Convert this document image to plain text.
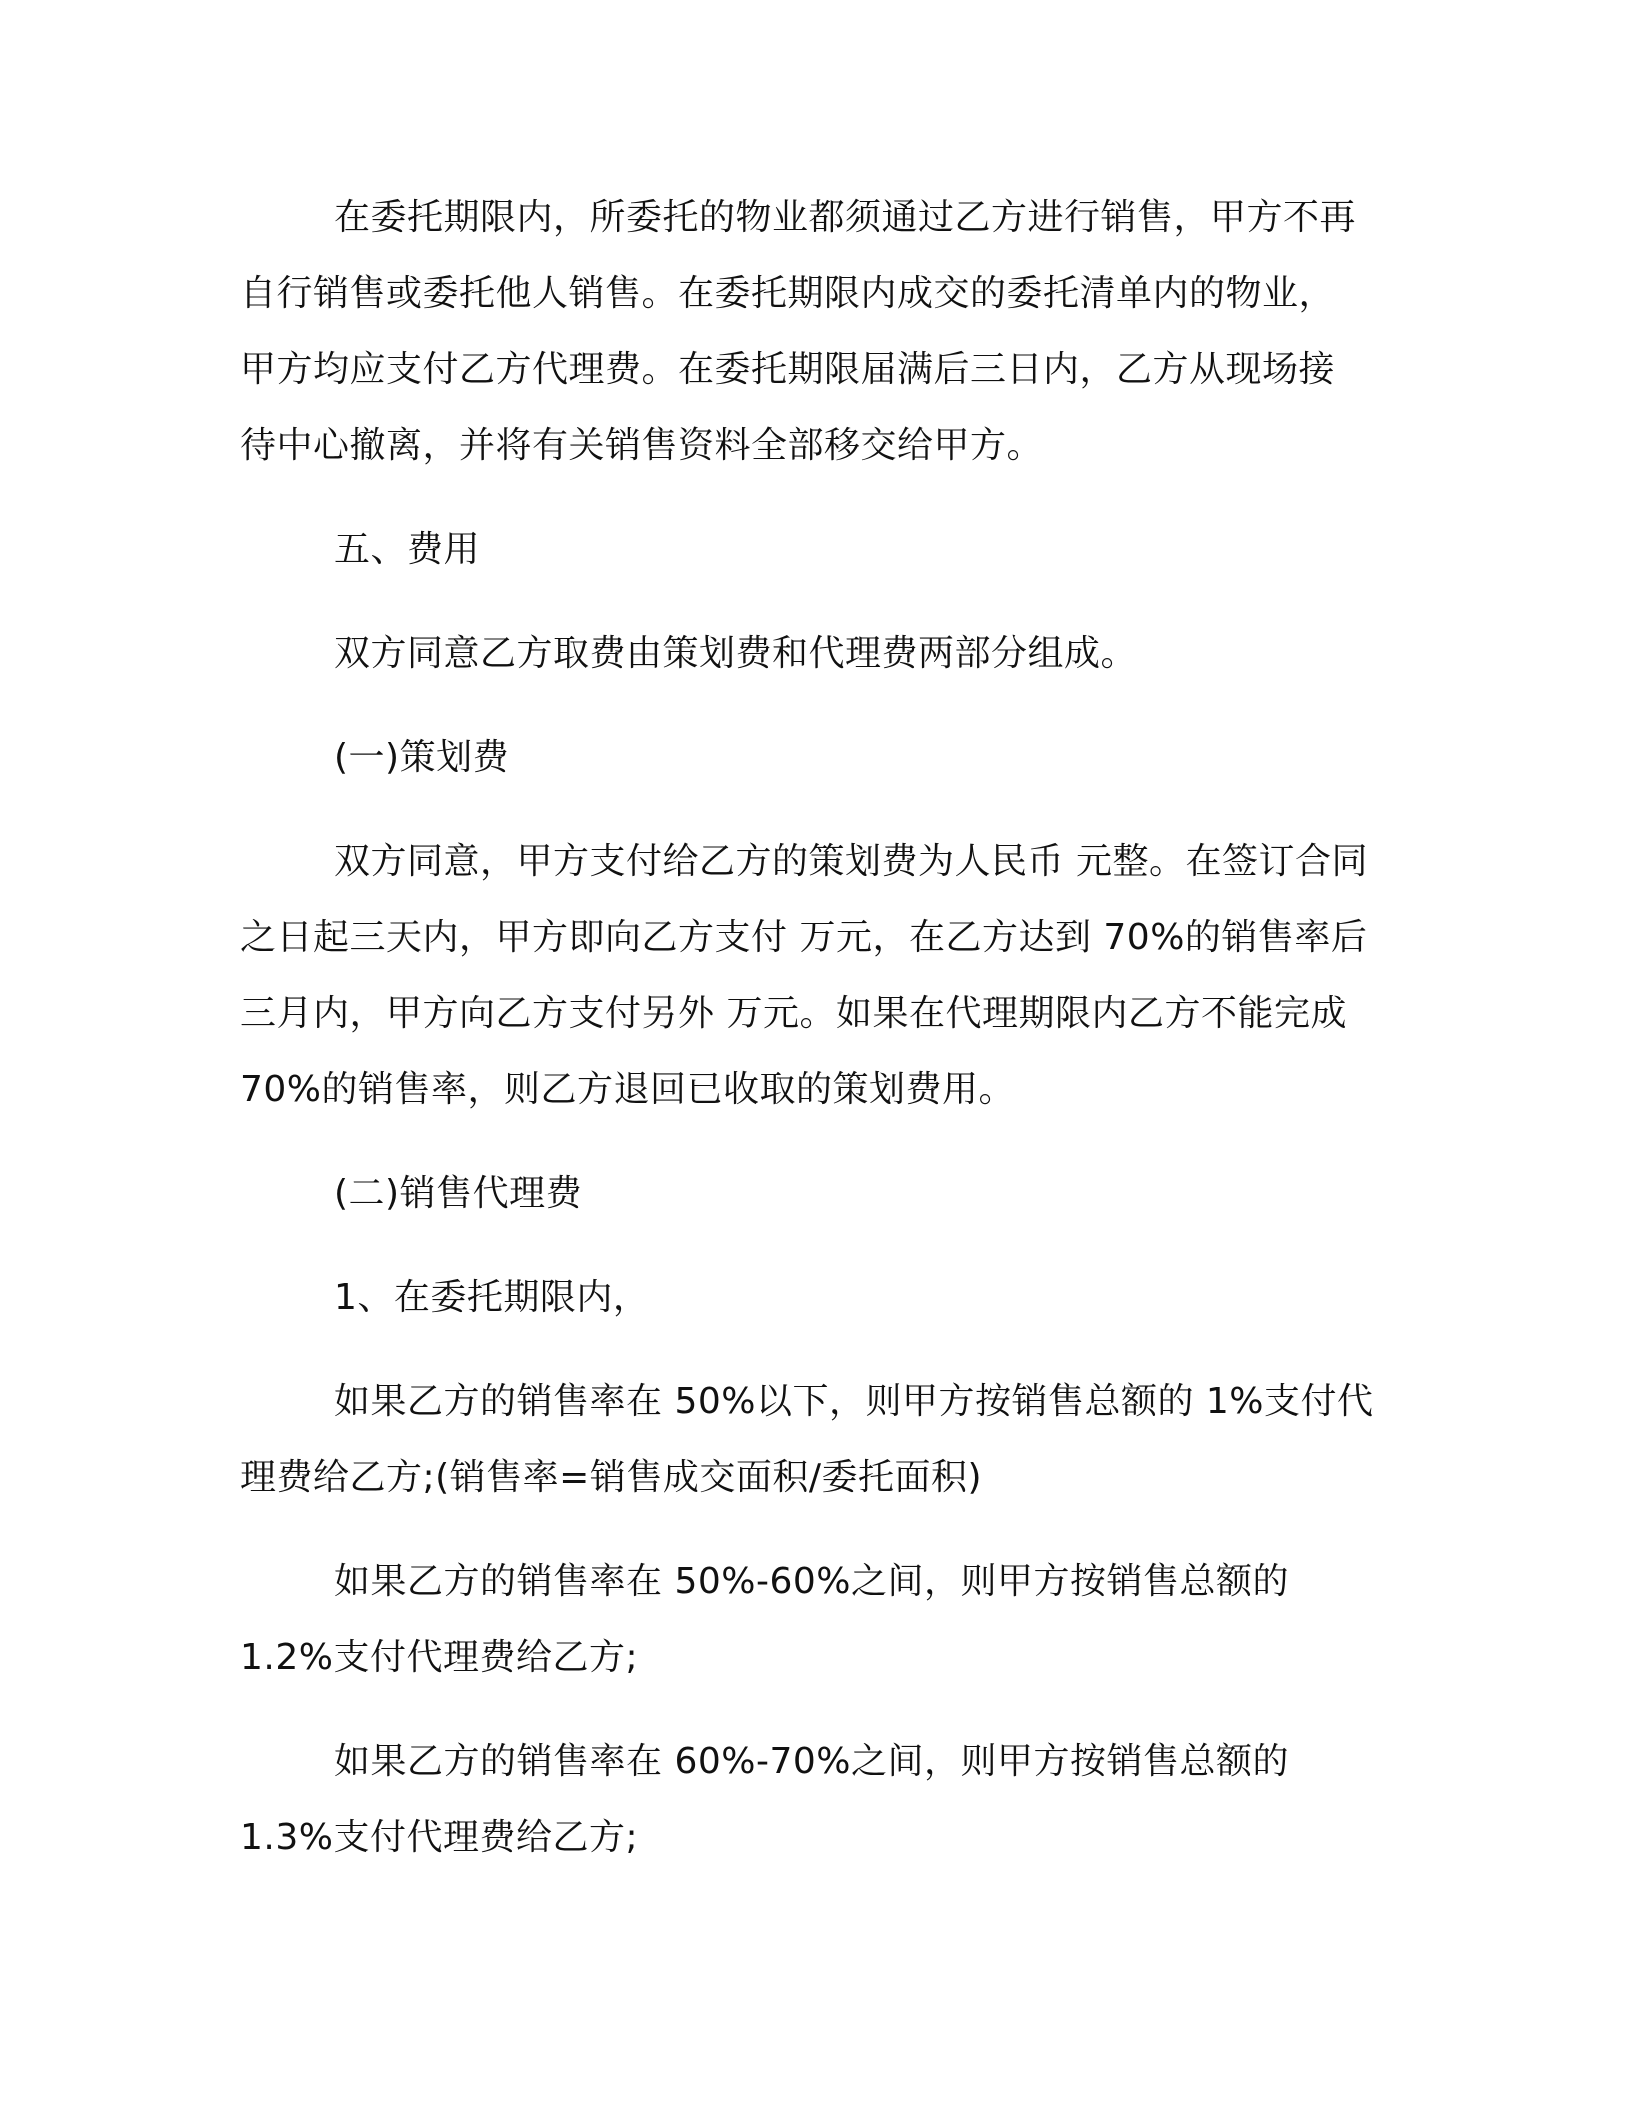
在委托期限内，所委托的物业都须通过乙方进行销售，甲方不再
自行销售或委托他人销售。在委托期限内成交的委托清单内的物业，
甲方均应支付乙方代理费。在委托期限届满后三日内，乙方从现场接
待中心撤离，并将有关销售资料全部移交给甲方。
五、费用
双方同意乙方取费由策划费和代理费两部分组成。
(一)策划费
双方同意，甲方支付给乙方的策划费为人民币 元整。在签订合同
之日起三天内，甲方即向乙方支付 万元，在乙方达到 70%的销售率后
三月内，甲方向乙方支付另外 万元。如果在代理期限内乙方不能完成
70%的销售率，则乙方退回已收取的策划费用。
(二)销售代理费
1、在委托期限内，
如果乙方的销售率在 50%以下，则甲方按销售总额的 1%支付代
理费给乙方;(销售率=销售成交面积/委托面积)
如果乙方的销售率在 50%-60%之间，则甲方按销售总额的
1.2%支付代理费给乙方;
如果乙方的销售率在 60%-70%之间，则甲方按销售总额的
1.3%支付代理费给乙方;
